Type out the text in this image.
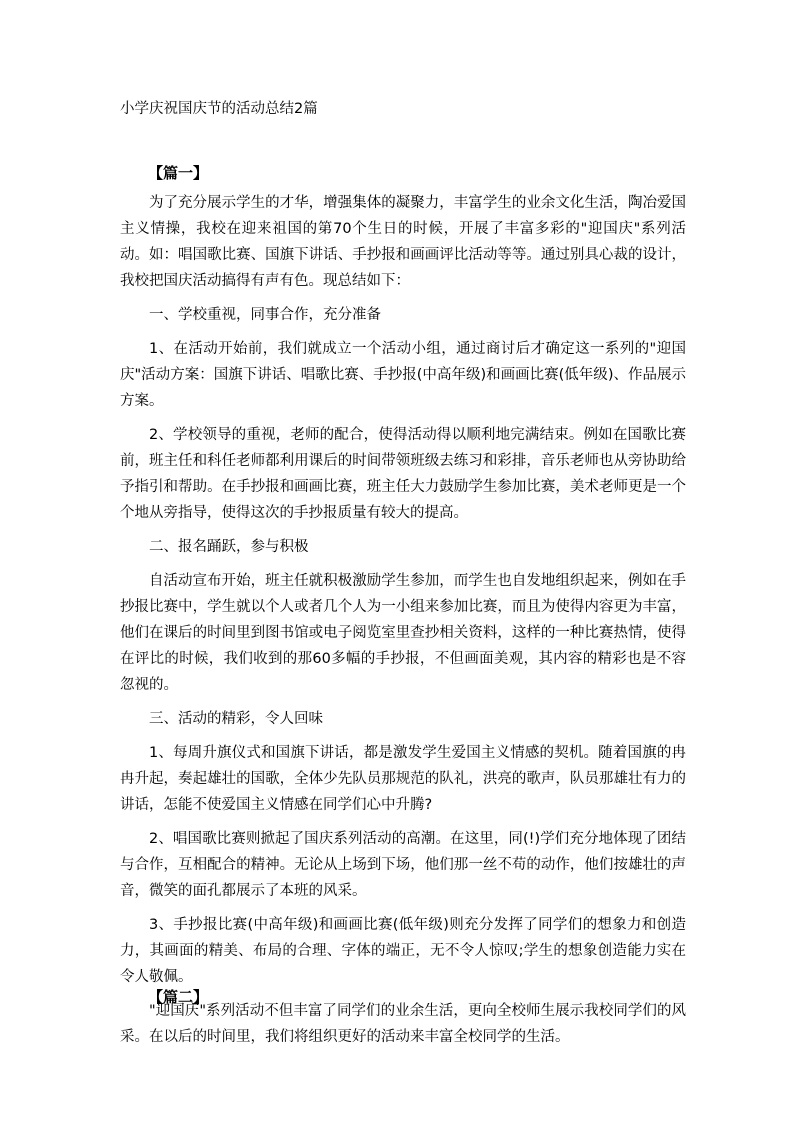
小学庆祝国庆节的活动总结2篇
【篇一】

为了充分展示学生的才华，增强集体的凝聚力，丰富学生的业余文化生活，陶冶爱国主义情操，我校在迎来祖国的第70个生日的时候，开展了丰富多彩的"迎国庆"系列活动。如：唱国歌比赛、国旗下讲话、手抄报和画画评比活动等等。通过别具心裁的设计，我校把国庆活动搞得有声有色。现总结如下：

一、学校重视，同事合作，充分准备

1、在活动开始前，我们就成立一个活动小组，通过商讨后才确定这一系列的"迎国庆"活动方案：国旗下讲话、唱歌比赛、手抄报(中高年级)和画画比赛(低年级)、作品展示方案。

2、学校领导的重视，老师的配合，使得活动得以顺利地完满结束。例如在国歌比赛前，班主任和科任老师都利用课后的时间带领班级去练习和彩排，音乐老师也从旁协助给予指引和帮助。在手抄报和画画比赛，班主任大力鼓励学生参加比赛，美术老师更是一个个地从旁指导，使得这次的手抄报质量有较大的提高。

二、报名踊跃，参与积极

自活动宣布开始，班主任就积极激励学生参加，而学生也自发地组织起来，例如在手抄报比赛中，学生就以个人或者几个人为一小组来参加比赛，而且为使得内容更为丰富，他们在课后的时间里到图书馆或电子阅览室里查抄相关资料，这样的一种比赛热情，使得在评比的时候，我们收到的那60多幅的手抄报，不但画面美观，其内容的精彩也是不容忽视的。

三、活动的精彩，令人回味

1、每周升旗仪式和国旗下讲话，都是激发学生爱国主义情感的契机。随着国旗的冉冉升起，奏起雄壮的国歌，全体少先队员那规范的队礼，洪亮的歌声，队员那雄壮有力的讲话，怎能不使爱国主义情感在同学们心中升腾?

2、唱国歌比赛则掀起了国庆系列活动的高潮。在这里，同(!)学们充分地体现了团结与合作，互相配合的精神。无论从上场到下场，他们那一丝不苟的动作，他们按雄壮的声音，微笑的面孔都展示了本班的风采。

3、手抄报比赛(中高年级)和画画比赛(低年级)则充分发挥了同学们的想象力和创造力，其画面的精美、布局的合理、字体的端正，无不令人惊叹;学生的想象创造能力实在令人敬佩。

"迎国庆"系列活动不但丰富了同学们的业余生活，更向全校师生展示我校同学们的风采。在以后的时间里，我们将组织更好的活动来丰富全校同学的生活。

【篇二】
